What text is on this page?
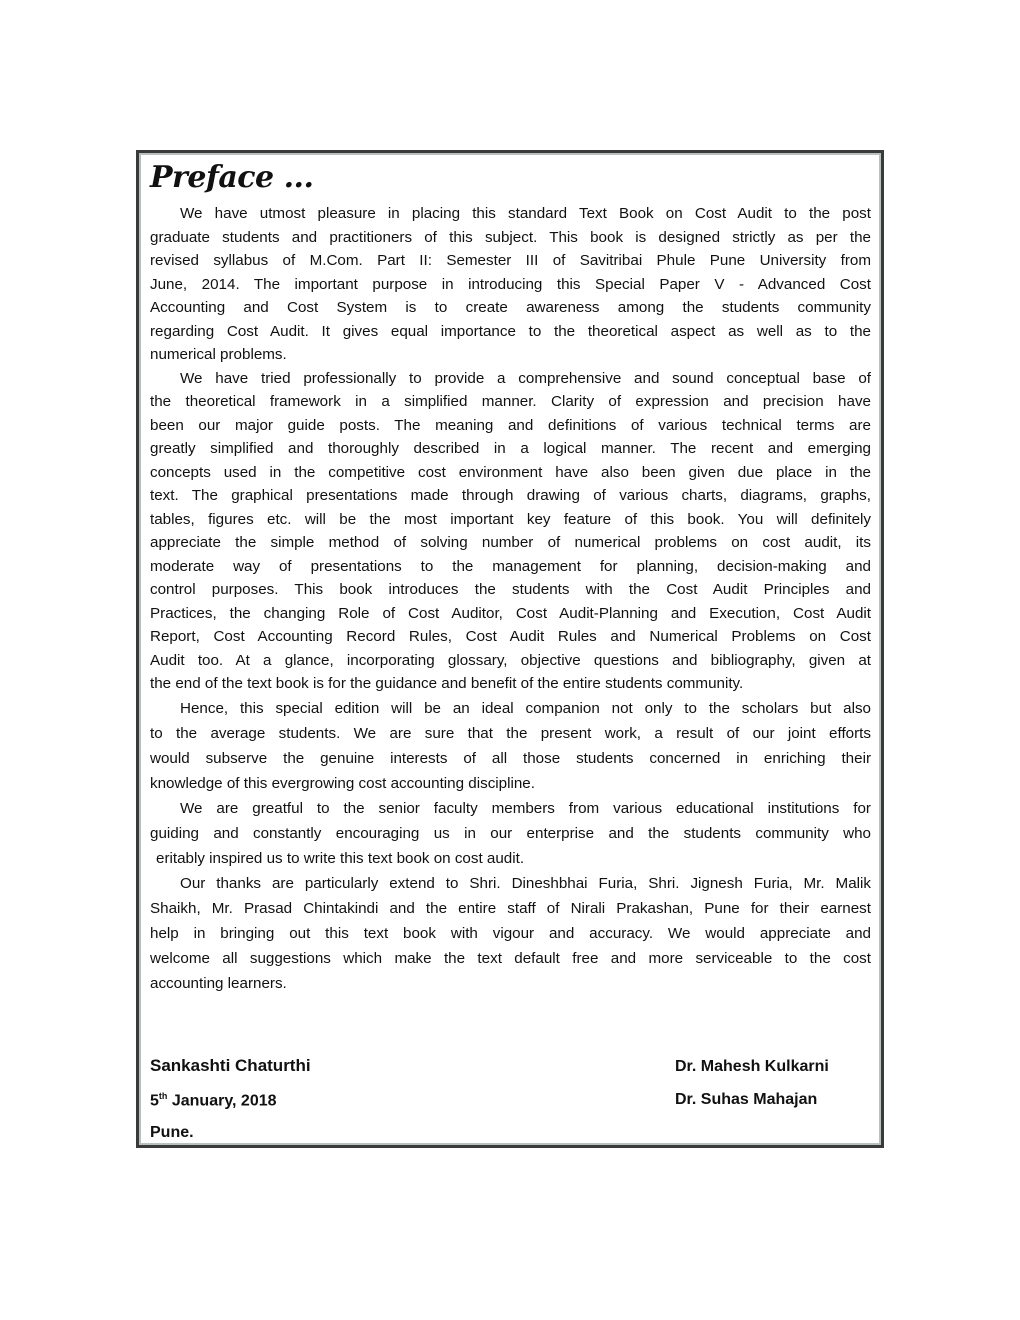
Preface ...
We have utmost pleasure in placing this standard Text Book on Cost Audit to the post
graduate students and practitioners of this subject. This book is designed strictly as per the
revised syllabus of M.Com. Part II: Semester III of Savitribai Phule Pune University from
June, 2014. The important purpose in introducing this Special Paper V - Advanced Cost
Accounting and Cost System is to create awareness among the students community
regarding Cost Audit. It gives equal importance to the theoretical aspect as well as to the
numerical problems.
We have tried professionally to provide a comprehensive and sound conceptual base of
the theoretical framework in a simplified manner. Clarity of expression and precision have
been our major guide posts. The meaning and definitions of various technical terms are
greatly simplified and thoroughly described in a logical manner. The recent and emerging
concepts used in the competitive cost environment have also been given due place in the
text. The graphical presentations made through drawing of various charts, diagrams, graphs,
tables, figures etc. will be the most important key feature of this book. You will definitely
appreciate the simple method of solving number of numerical problems on cost audit, its
moderate way of presentations to the management for planning, decision-making and
control purposes. This book introduces the students with the Cost Audit Principles and
Practices, the changing Role of Cost Auditor, Cost Audit-Planning and Execution, Cost Audit
Report, Cost Accounting Record Rules, Cost Audit Rules and Numerical Problems on Cost
Audit too. At a glance, incorporating glossary, objective questions and bibliography, given at
the end of the text book is for the guidance and benefit of the entire students community.
Hence, this special edition will be an ideal companion not only to the scholars but also
to the average students. We are sure that the present work, a result of our joint efforts
would subserve the genuine interests of all those students concerned in enriching their
knowledge of this evergrowing cost accounting discipline.
We are greatful to the senior faculty members from various educational institutions for
guiding and constantly encouraging us in our enterprise and the students community who
eritably inspired us to write this text book on cost audit.
Our thanks are particularly extend to Shri. Dineshbhai Furia, Shri. Jignesh Furia, Mr. Malik
Shaikh, Mr. Prasad Chintakindi and the entire staff of Nirali Prakashan, Pune for their earnest
help in bringing out this text book with vigour and accuracy. We would appreciate and
welcome all suggestions which make the text default free and more serviceable to the cost
accounting learners.
Sankashti Chaturthi
5th January, 2018
Pune.
Dr. Mahesh Kulkarni
Dr. Suhas Mahajan
